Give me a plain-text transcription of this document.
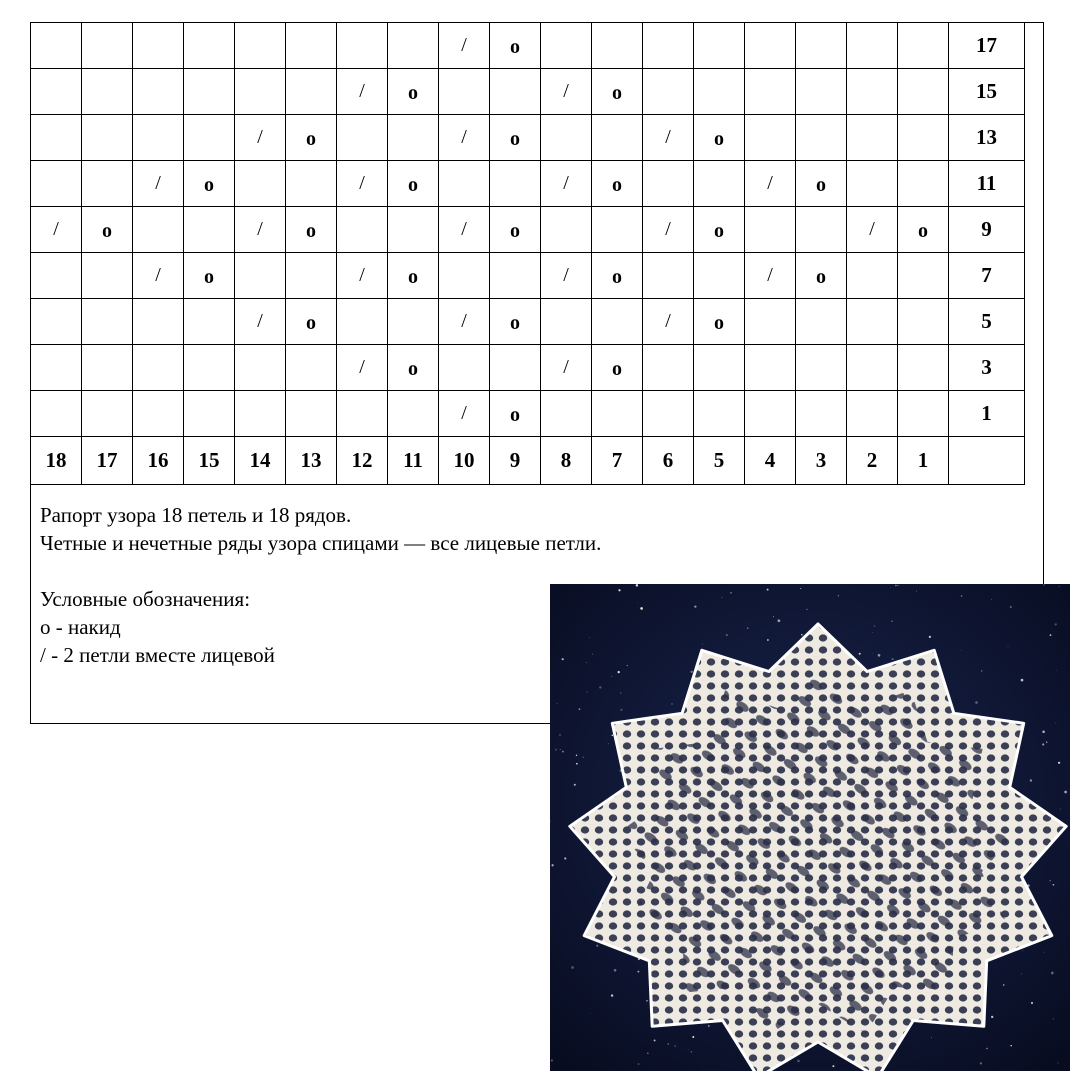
								/	o									17
						/	o			/	o							15
				/	o			/	o			/	o					13
		/	o			/	o			/	o			/	o			11
/	o			/	o			/	o			/	o			/	o	9
		/	o			/	o			/	o			/	o			7
				/	o			/	o			/	o					5
						/	o			/	o							3
								/	o									1
18	17	16	15	14	13	12	11	10	9	8	7	6	5	4	3	2	1	
Рапорт узора 18 петель и 18 рядов.
Четные и нечетные ряды узора спицами — все лицевые петли.
Условные обозначения:
о - накид
/ - 2 петли вместе лицевой
